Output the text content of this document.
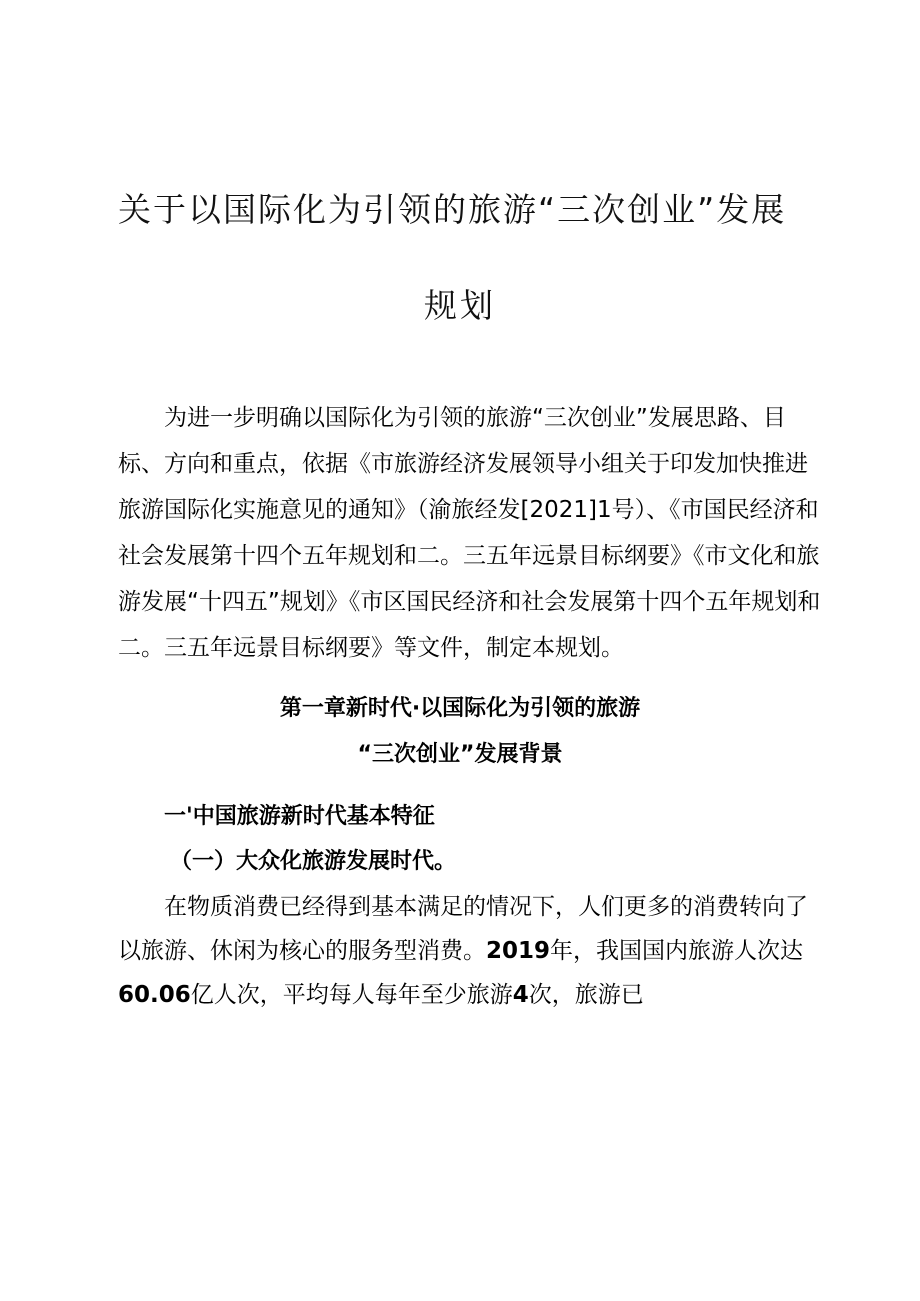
关于以国际化为引领的旅游“三次创业”发展
规划

为进一步明确以国际化为引领的旅游“三次创业”发展思路、目标、方向和重点，依据《市旅游经济发展领导小组关于印发加快推进旅游国际化实施意见的通知》（渝旅经发[2021]1号）、《市国民经济和社会发展第十四个五年规划和二。三五年远景目标纲要》《市文化和旅游发展“十四五”规划》《市区国民经济和社会发展第十四个五年规划和二。三五年远景目标纲要》等文件，制定本规划。

第一章新时代·以国际化为引领的旅游
“三次创业”发展背景
一'中国旅游新时代基本特征
（一）大众化旅游发展时代。

在物质消费已经得到基本满足的情况下，人们更多的消费转向了以旅游、休闲为核心的服务型消费。2019年，我国国内旅游人次达
60.06亿人次，平均每人每年至少旅游4次，旅游已
